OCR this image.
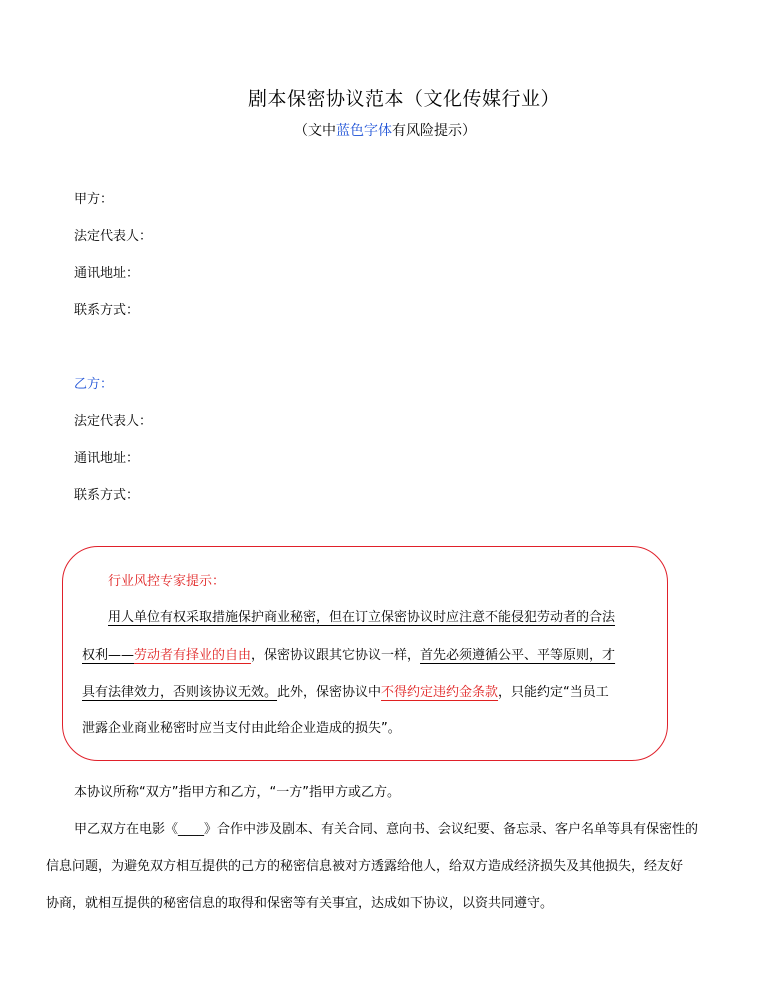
剧本保密协议范本（文化传媒行业）
（文中蓝色字体有风险提示）
甲方：
法定代表人：
通讯地址：
联系方式：
乙方：
法定代表人：
通讯地址：
联系方式：
行业风控专家提示：
用人单位有权采取措施保护商业秘密，但在订立保密协议时应注意不能侵犯劳动者的合法
权利——劳动者有择业的自由，保密协议跟其它协议一样，首先必须遵循公平、平等原则，才
具有法律效力，否则该协议无效。此外，保密协议中不得约定违约金条款，只能约定“当员工
泄露企业商业秘密时应当支付由此给企业造成的损失”。
本协议所称“双方”指甲方和乙方，“一方”指甲方或乙方。
甲乙双方在电影《____》合作中涉及剧本、有关合同、意向书、会议纪要、备忘录、客户名单等具有保密性的
信息问题，为避免双方相互提供的己方的秘密信息被对方透露给他人，给双方造成经济损失及其他损失，经友好
协商，就相互提供的秘密信息的取得和保密等有关事宜，达成如下协议，以资共同遵守。
